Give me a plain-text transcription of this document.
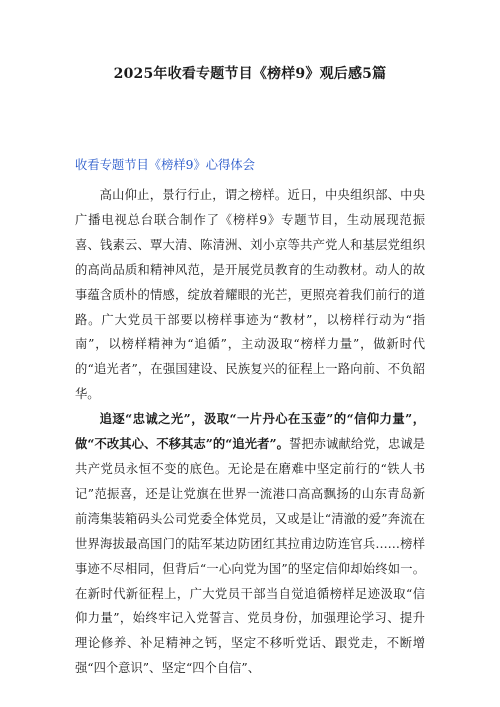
2025年收看专题节目《榜样9》观后感5篇
收看专题节目《榜样9》心得体会

高山仰止，景行行止，谓之榜样。近日，中央组织部、中央广播电视总台联合制作了《榜样9》专题节目，生动展现范振喜、钱素云、覃大清、陈清洲、刘小京等共产党人和基层党组织的高尚品质和精神风范，是开展党员教育的生动教材。动人的故事蕴含质朴的情感，绽放着耀眼的光芒，更照亮着我们前行的道路。广大党员干部要以榜样事迹为“教材”，以榜样行动为“指南”，以榜样精神为“追循”，主动汲取“榜样力量”，做新时代的“追光者”，在强国建设、民族复兴的征程上一路向前、不负韶华。

追逐“忠诚之光”，汲取“一片丹心在玉壶”的“信仰力量”，做“不改其心、不移其志”的“追光者”。誓把赤诚献给党，忠诚是共产党员永恒不变的底色。无论是在磨难中坚定前行的“铁人书记”范振喜，还是让党旗在世界一流港口高高飘扬的山东青岛新前湾集装箱码头公司党委全体党员，又或是让“清澈的爱”奔流在世界海拔最高国门的陆军某边防团红其拉甫边防连官兵……榜样事迹不尽相同，但背后“一心向党为国”的坚定信仰却始终如一。在新时代新征程上，广大党员干部当自觉追循榜样足迹汲取“信仰力量”，始终牢记入党誓言、党员身份，加强理论学习、提升理论修养、补足精神之钙，坚定不移听党话、跟党走，不断增强“四个意识”、坚定“四个自信”、
